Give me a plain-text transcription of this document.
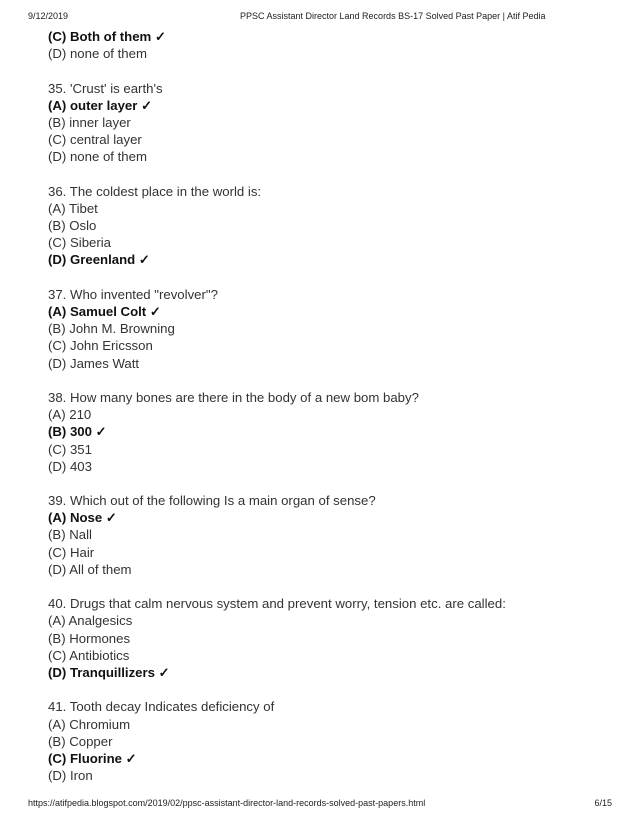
9/12/2019	PPSC Assistant Director Land Records BS-17 Solved Past Paper | Atif Pedia
(C) Both of them ✓
(D) none of them
35. 'Crust' is earth's
(A) outer layer ✓
(B) inner layer
(C) central layer
(D) none of them
36. The coldest place in the world is:
(A) Tibet
(B) Oslo
(C) Siberia
(D) Greenland ✓
37. Who invented "revolver"?
(A) Samuel Colt ✓
(B) John M. Browning
(C) John Ericsson
(D) James Watt
38. How many bones are there in the body of a new bom baby?
(A) 210
(B) 300 ✓
(C) 351
(D) 403
39. Which out of the following Is a main organ of sense?
(A) Nose ✓
(B) Nall
(C) Hair
(D) All of them
40. Drugs that calm nervous system and prevent worry, tension etc. are called:
(A) Analgesics
(B) Hormones
(C) Antibiotics
(D) Tranquillizers ✓
41. Tooth decay Indicates deficiency of
(A) Chromium
(B) Copper
(C) Fluorine ✓
(D) Iron
https://atifpedia.blogspot.com/2019/02/ppsc-assistant-director-land-records-solved-past-papers.html	6/15
